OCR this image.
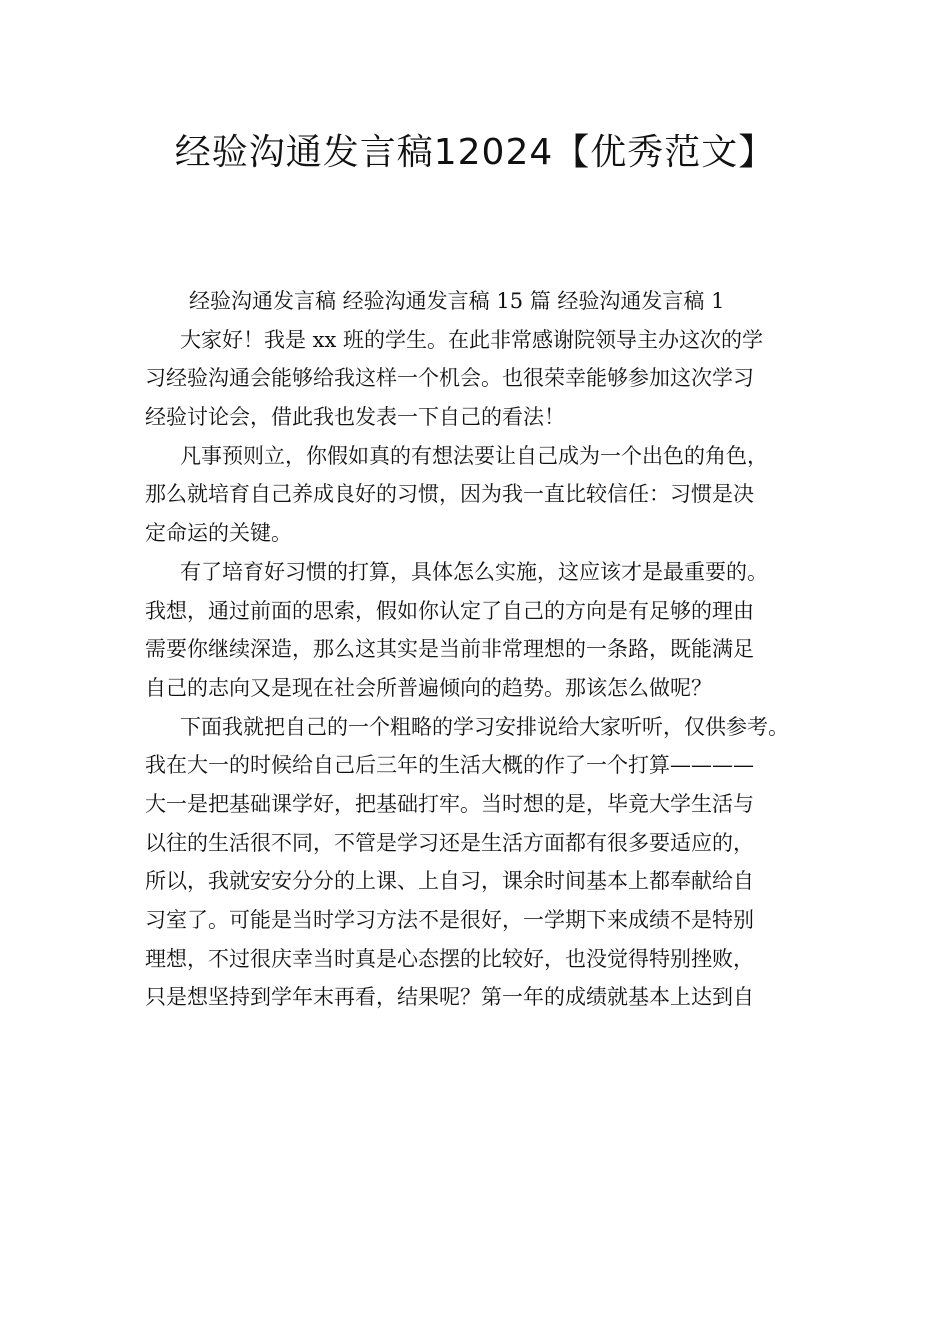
经验沟通发言稿12024【优秀范文】
经验沟通发言稿 经验沟通发言稿 15 篇 经验沟通发言稿 1
大家好！我是 xx 班的学生。在此非常感谢院领导主办这次的学
习经验沟通会能够给我这样一个机会。也很荣幸能够参加这次学习
经验讨论会，借此我也发表一下自己的看法！
凡事预则立，你假如真的有想法要让自己成为一个出色的角色，
那么就培育自己养成良好的习惯，因为我一直比较信任：习惯是决
定命运的关键。
有了培育好习惯的打算，具体怎么实施，这应该才是最重要的。
我想，通过前面的思索，假如你认定了自己的方向是有足够的理由
需要你继续深造，那么这其实是当前非常理想的一条路，既能满足
自己的志向又是现在社会所普遍倾向的趋势。那该怎么做呢？
下面我就把自己的一个粗略的学习安排说给大家听听，仅供参考。
我在大一的时候给自己后三年的生活大概的作了一个打算————
大一是把基础课学好，把基础打牢。当时想的是，毕竟大学生活与
以往的生活很不同，不管是学习还是生活方面都有很多要适应的，
所以，我就安安分分的上课、上自习，课余时间基本上都奉献给自
习室了。可能是当时学习方法不是很好，一学期下来成绩不是特别
理想，不过很庆幸当时真是心态摆的比较好，也没觉得特别挫败，
只是想坚持到学年末再看，结果呢？第一年的成绩就基本上达到自
